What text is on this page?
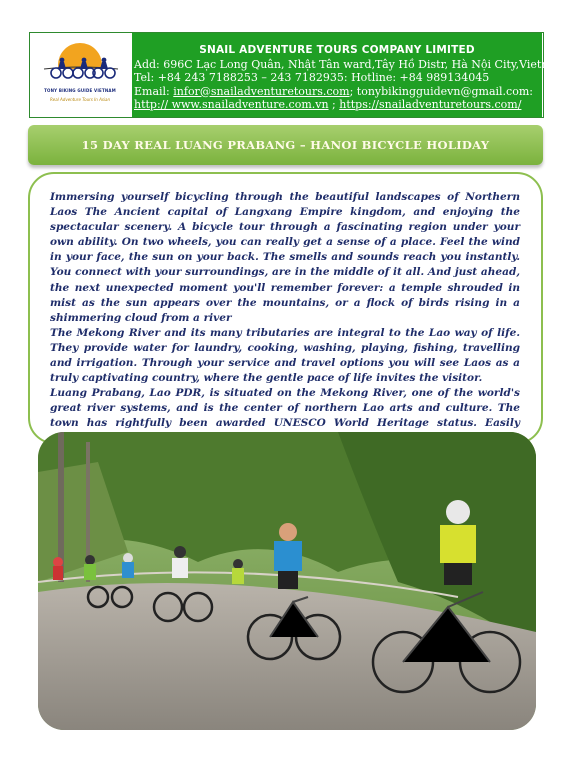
TONY BIKING GUIDE VIETNAM
Real Adventure Tours In Asian
SNAIL ADVENTURE TOURS COMPANY LIMITED
Add: 696C Lạc Long Quân, Nhật Tân ward,Tây Hồ Distr, Hà Nội City,Vietnam
Tel: +84 243 7188253 – 243 7182935: Hotline: +84 989134045
Email: infor@snailadventuretours.com; tonybikingguidevn@gmail.com:
http:// www.snailadventure.com.vn ; https://snailadventuretours.com/
15 DAY REAL LUANG PRABANG – HANOI BICYCLE HOLIDAY

Immersing yourself bicycling through the beautiful landscapes of Northern Laos The Ancient capital of Langxang Empire kingdom, and enjoying the spectacular scenery. A bicycle tour through a fascinating region under your own ability. On two wheels, you can really get a sense of a place. Feel the wind in your face, the sun on your back. The smells and sounds reach you instantly. You connect with your surroundings, are in the middle of it all. And just ahead, the next unexpected moment you'll remember forever: a temple shrouded in mist as the sun appears over the mountains, or a flock of birds rising in a shimmering cloud from a river

The Mekong River and its many tributaries are integral to the Lao way of life. They provide water for laundry, cooking, washing, playing, fishing, travelling and irrigation. Through your service and travel options you will see Laos as a truly captivating country, where the gentle pace of life invites the visitor.

Luang Prabang, Lao PDR, is situated on the Mekong River, one of the world's great river systems, and is the center of northern Lao arts and culture. The town has rightfully been awarded UNESCO World Heritage status. Easily
